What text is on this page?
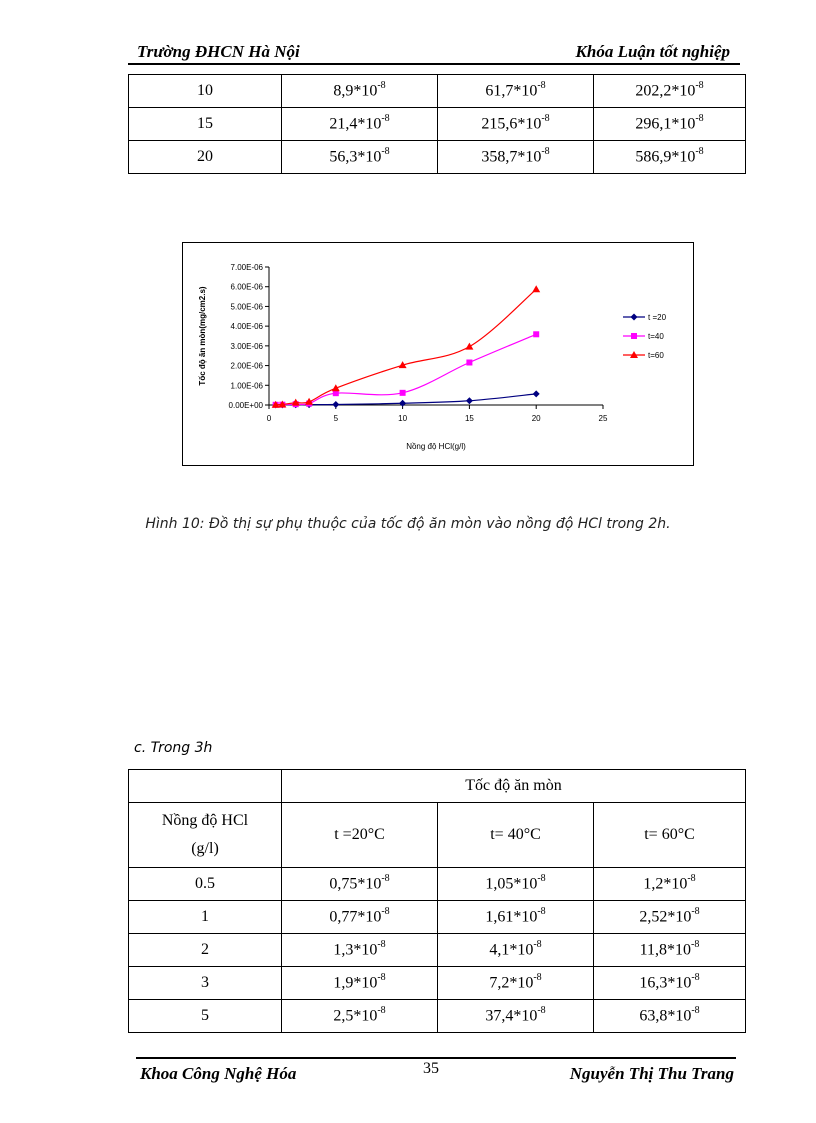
Trường ĐHCN Hà Nội	Khóa Luận tốt nghiệp
10	$8,9*10^{-8}$	$61,7*10^{-8}$	$202,2*10^{-8}$
15	$21,4*10^{-8}$	$215,6*10^{-8}$	$296,1*10^{-8}$
20	$56,3*10^{-8}$	$358,7*10^{-8}$	$586,9*10^{-8}$
0.00E+00
1.00E-06
2.00E-06
3.00E-06
4.00E-06
5.00E-06
6.00E-06
7.00E-06
0	5	10	15	20	25
Nồng độ HCl(g/l)
Tốc độ ăn mòn(mg/cm2.s)	t =20
t=40
t=60
Hình 10: Đồ thị sự phụ thuộc của tốc độ ăn mòn vào nồng độ HCl trong 2h.
c. Trong 3h
	Tốc độ ăn mòn		
Nồng độ HCl
(g/l)	t =20°C	t= 40°C	t= 60°C
0.5	$0,75*10^{-8}$	$1,05*10^{-8}$	$1,2*10^{-8}$
1	$0,77*10^{-8}$	$1,61*10^{-8}$	$2,52*10^{-8}$
2	$1,3*10^{-8}$	$4,1*10^{-8}$	$11,8*10^{-8}$
3	$1,9*10^{-8}$	$7,2*10^{-8}$	$16,3*10^{-8}$
5	$2,5*10^{-8}$	$37,4*10^{-8}$	$63,8*10^{-8}$
Khoa Công Nghệ Hóa	35	Nguyễn Thị Thu Trang
